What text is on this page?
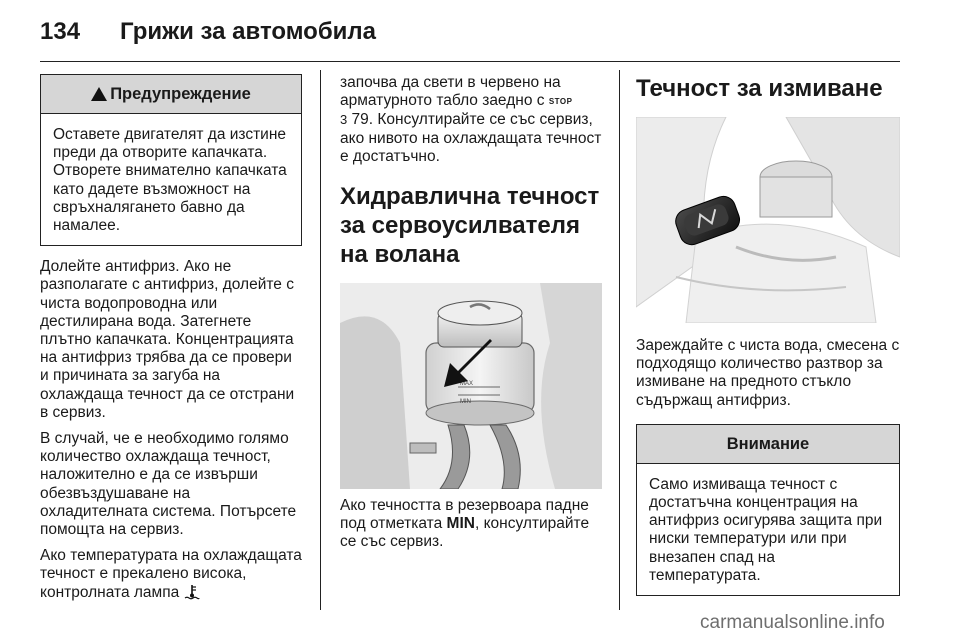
134 Грижи за автомобила
!Предупреждение

Оставете двигателят да изстине преди да отворите капачката. Отворете внимателно капачката като дадете възможност на свръхналягането бавно да намалее.

Долейте антифриз. Ако не разполагате с антифриз, долейте с чиста водопроводна или дестилирана вода. Затегнете плътно капачката. Концентрацията на антифриз трябва да се провери и причината за загуба на охлаждаща течност да се отстрани в сервиз.

В случай, че е необходимо голямо количество охлаждаща течност, наложително е да се извърши обезвъздушаване на охладителната система. Потърсете помощта на сервиз.

Ако температурата на охлаждащата течност е прекалено висока, контролната лампа

започва да свети в червено на арматурното табло заедно с STOP
3 79. Консултирайте се със сервиз, ако нивото на охлаждащата течност е достатъчно.

Хидравлична течност за сервоусилвателя на волана
MAX
MIN

Ако течността в резервоара падне под отметката MIN, консултирайте се със сервиз.

Течност за измиване

Зареждайте с чиста вода, смесена с подходящо количество разтвор за измиване на предното стъкло съдържащ антифриз.

Внимание

Само измиваща течност с достатъчна концентрация на антифриз осигурява защита при ниски температури или при внезапен спад на температурата.

carmanualsonline.info
